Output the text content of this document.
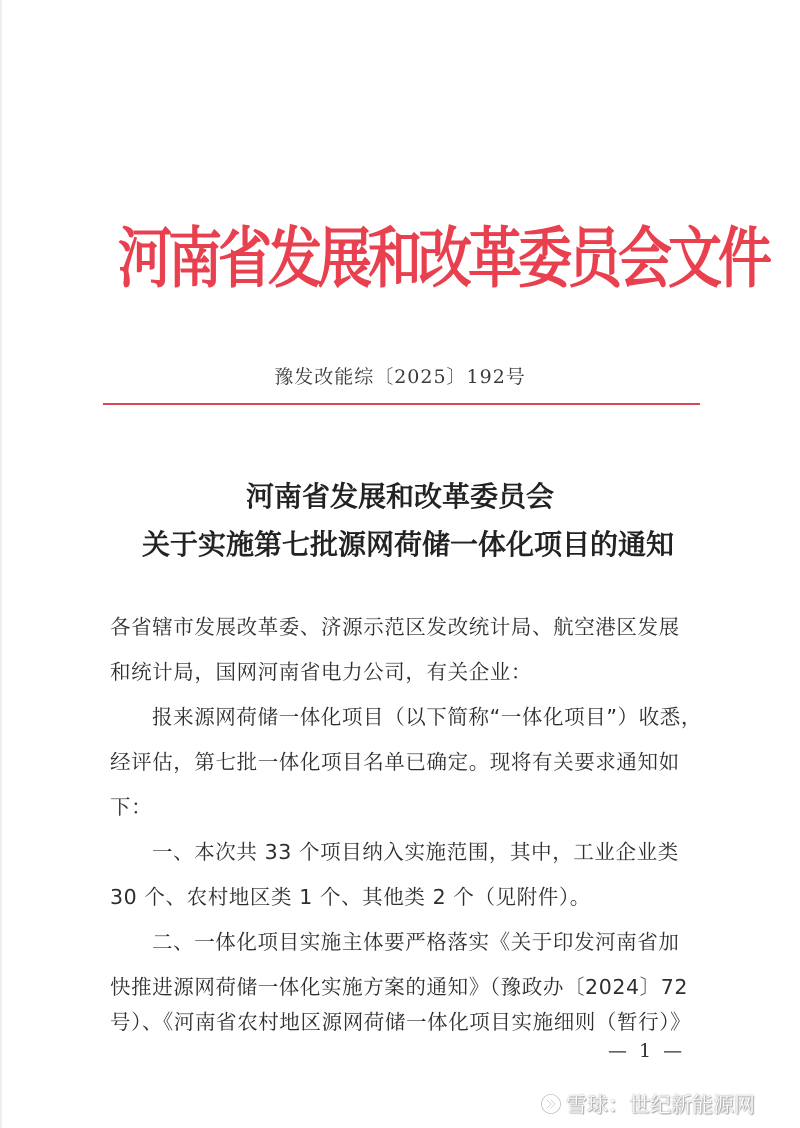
河南省发展和改革委员会文件
豫发改能综〔2025〕192号
河南省发展和改革委员会
关于实施第七批源网荷储一体化项目的通知
各省辖市发展改革委、济源示范区发改统计局、航空港区发展
和统计局，国网河南省电力公司，有关企业：
报来源网荷储一体化项目（以下简称“一体化项目”）收悉，
经评估，第七批一体化项目名单已确定。现将有关要求通知如
下：
一、本次共 33 个项目纳入实施范围，其中，工业企业类
30 个、农村地区类 1 个、其他类 2 个（见附件）。
二、一体化项目实施主体要严格落实《关于印发河南省加
快推进源网荷储一体化实施方案的通知》（豫政办〔2024〕72
号）、《河南省农村地区源网荷储一体化项目实施细则（暂行）》
— 1 —
雪球：世纪新能源网
